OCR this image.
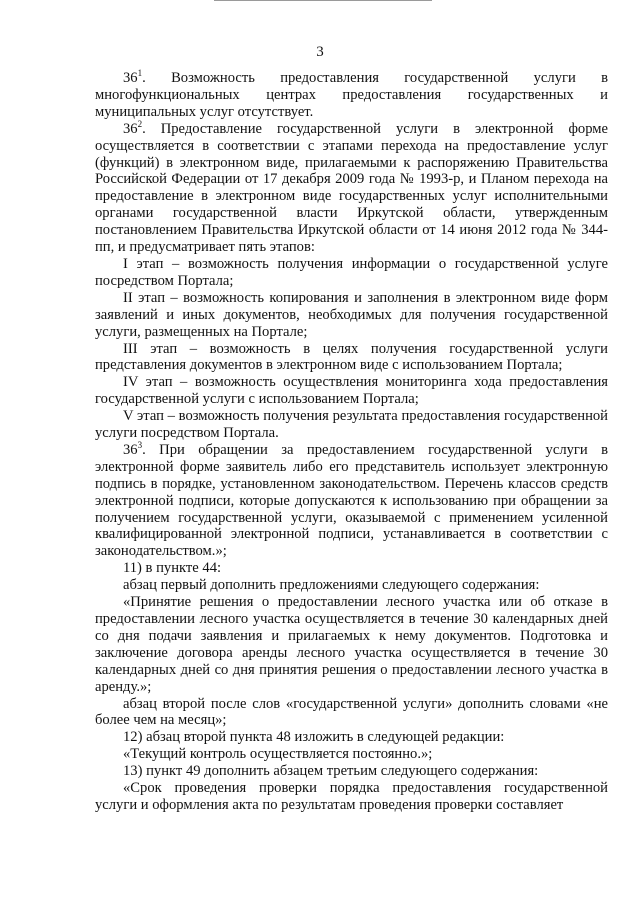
3

$36^1$. Возможность предоставления государственной услуги в многофункциональных центрах предоставления государственных и муниципальных услуг отсутствует.

$36^2$. Предоставление государственной услуги в электронной форме осуществляется в соответствии с этапами перехода на предоставление услуг (функций) в электронном виде, прилагаемыми к распоряжению Правительства Российской Федерации от 17 декабря 2009 года № 1993-р, и Планом перехода на предоставление в электронном виде государственных услуг исполнительными органами государственной власти Иркутской области, утвержденным постановлением Правительства Иркутской области от 14 июня 2012 года № 344-пп, и предусматривает пять этапов:

I этап – возможность получения информации о государственной услуге посредством Портала;

II этап – возможность копирования и заполнения в электронном виде форм заявлений и иных документов, необходимых для получения государственной услуги, размещенных на Портале;

III этап – возможность в целях получения государственной услуги представления документов в электронном виде с использованием Портала;

IV этап – возможность осуществления мониторинга хода предоставления государственной услуги с использованием Портала;

V этап – возможность получения результата предоставления государственной услуги посредством Портала.

$36^3$. При обращении за предоставлением государственной услуги в электронной форме заявитель либо его представитель использует электронную подпись в порядке, установленном законодательством. Перечень классов средств электронной подписи, которые допускаются к использованию при обращении за получением государственной услуги, оказываемой с применением усиленной квалифицированной электронной подписи, устанавливается в соответствии с законодательством.»;

11) в пункте 44:

абзац первый дополнить предложениями следующего содержания:

«Принятие решения о предоставлении лесного участка или об отказе в предоставлении лесного участка осуществляется в течение 30 календарных дней со дня подачи заявления и прилагаемых к нему документов. Подготовка и заключение договора аренды лесного участка осуществляется в течение 30 календарных дней со дня принятия решения о предоставлении лесного участка в аренду.»;

абзац второй после слов «государственной услуги» дополнить словами «не более чем на месяц»;

12) абзац второй пункта 48 изложить в следующей редакции:

«Текущий контроль осуществляется постоянно.»;

13) пункт 49 дополнить абзацем третьим следующего содержания:

«Срок проведения проверки порядка предоставления государственной услуги и оформления акта по результатам проведения проверки составляет
